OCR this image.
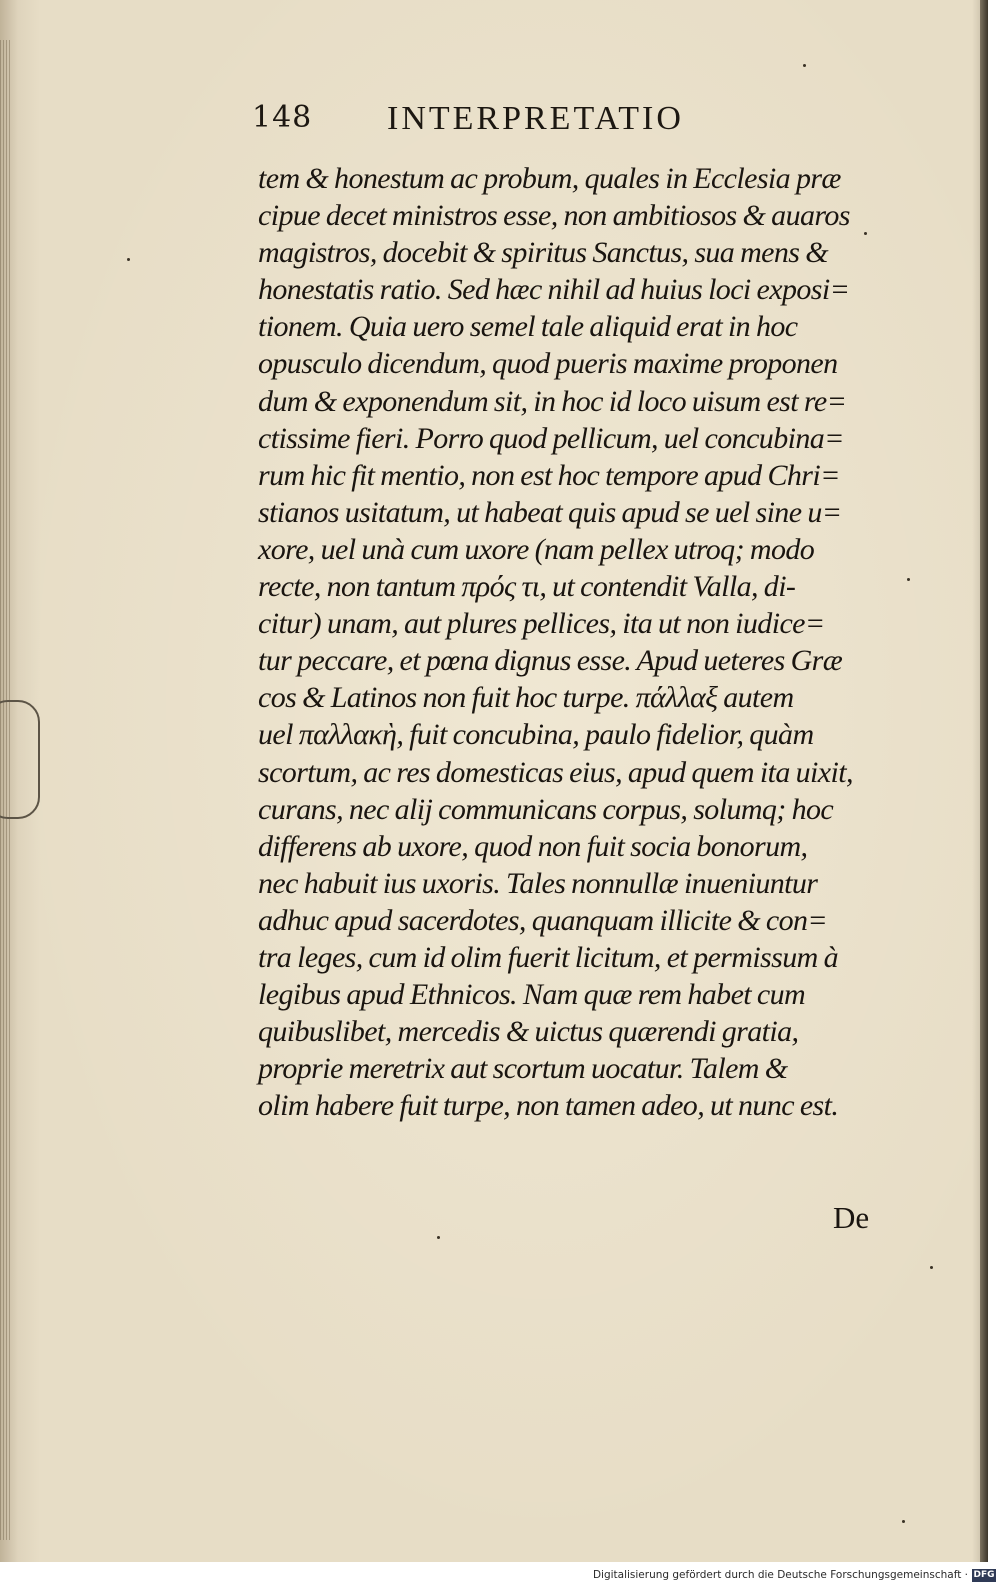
148 INTERPRETATIO
tem & honestum ac probum, quales in Ecclesia præ
cipue decet ministros esse, non ambitiosos & auaros
magistros, docebit & spiritus Sanctus, sua mens &
honestatis ratio. Sed hæc nihil ad huius loci exposi=
tionem. Quia uero semel tale aliquid erat in hoc
opusculo dicendum, quod pueris maxime proponen
dum & exponendum sit, in hoc id loco uisum est re=
ctissime fieri. Porro quod pellicum, uel concubina=
rum hic fit mentio, non est hoc tempore apud Chri=
stianos usitatum, ut habeat quis apud se uel sine u=
xore, uel unà cum uxore (nam pellex utroq; modo
recte, non tantum πρός τι, ut contendit Valla, di-
citur) unam, aut plures pellices, ita ut non iudice=
tur peccare, et pœna dignus esse. Apud ueteres Græ
cos & Latinos non fuit hoc turpe. πάλλαξ autem
uel παλλακὴ, fuit concubina, paulo fidelior, quàm
scortum, ac res domesticas eius, apud quem ita uixit,
curans, nec alij communicans corpus, solumq; hoc
differens ab uxore, quod non fuit socia bonorum,
nec habuit ius uxoris. Tales nonnullæ inueniuntur
adhuc apud sacerdotes, quanquam illicite & con=
tra leges, cum id olim fuerit licitum, et permissum à
legibus apud Ethnicos. Nam quæ rem habet cum
quibuslibet, mercedis & uictus quærendi gratia,
proprie meretrix aut scortum uocatur. Talem &
olim habere fuit turpe, non tamen adeo, ut nunc est.
De
Digitalisierung gefördert durch die Deutsche Forschungsgemeinschaft · DFG
